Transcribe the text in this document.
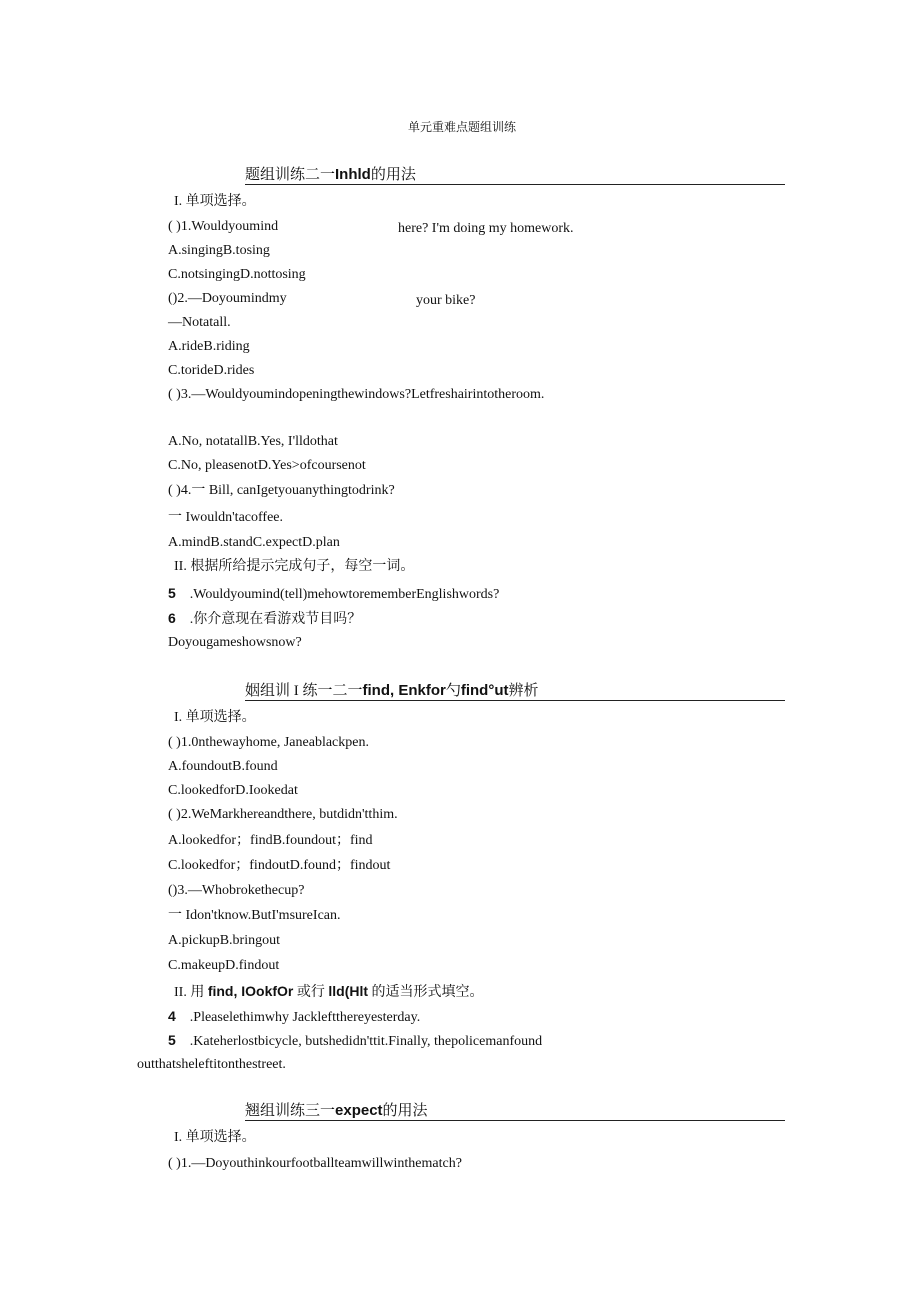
单元重难点题组训练
题组训练二一Inhld的用法
I. 单项选择。
( )1.Wouldyoumind	here? I'm doing my homework.
A.singingB.tosing
C.notsingingD.nottosing
()2.—Doyoumindmy	your bike?
—Notatall.
A.rideB.riding
C.torideD.rides
( )3.—Wouldyoumindopeningthewindows?Letfreshairintotheroom.
A.No, notatallB.Yes, I'lldothat
C.No, pleasenotD.Yes>ofcoursenot
( )4.一 Bill, canIgetyouanythingtodrink?
一 Iwouldn'tacoffee.
A.mindB.standC.expectD.plan
II. 根据所给提示完成句子，每空一词。
5 .Wouldyoumind(tell)mehowtorememberEnglishwords?
6 .你介意现在看游戏节目吗？
Doyougameshowsnow?
姻组训 I 练一二一find, Enkfor勺find°ut辨析
I. 单项选择。
( )1.0nthewayhome, Janeablackpen.
A.foundoutB.found
C.lookedforD.Iookedat
( )2.WeMarkhereandthere, butdidn'tthim.
A.lookedfor；findB.foundout；find
C.lookedfor；findoutD.found；findout
()3.—Whobrokethecup?
一 Idon'tknow.ButI'msureIcan.
A.pickupB.bringout
C.makeupD.findout
II. 用 find, IOokfOr 或行 lld(Hlt 的适当形式填空。
4 .Pleaselethimwhy Jackleftthereyesterday.
5 .Kateherlostbicycle, butshedidn'ttit.Finally, thepolicemanfound
outthatsheleftitonthestreet.
翘组训练三一expect的用法
I. 单项选择。
( )1.—Doyouthinkourfootballteamwillwinthematch?
